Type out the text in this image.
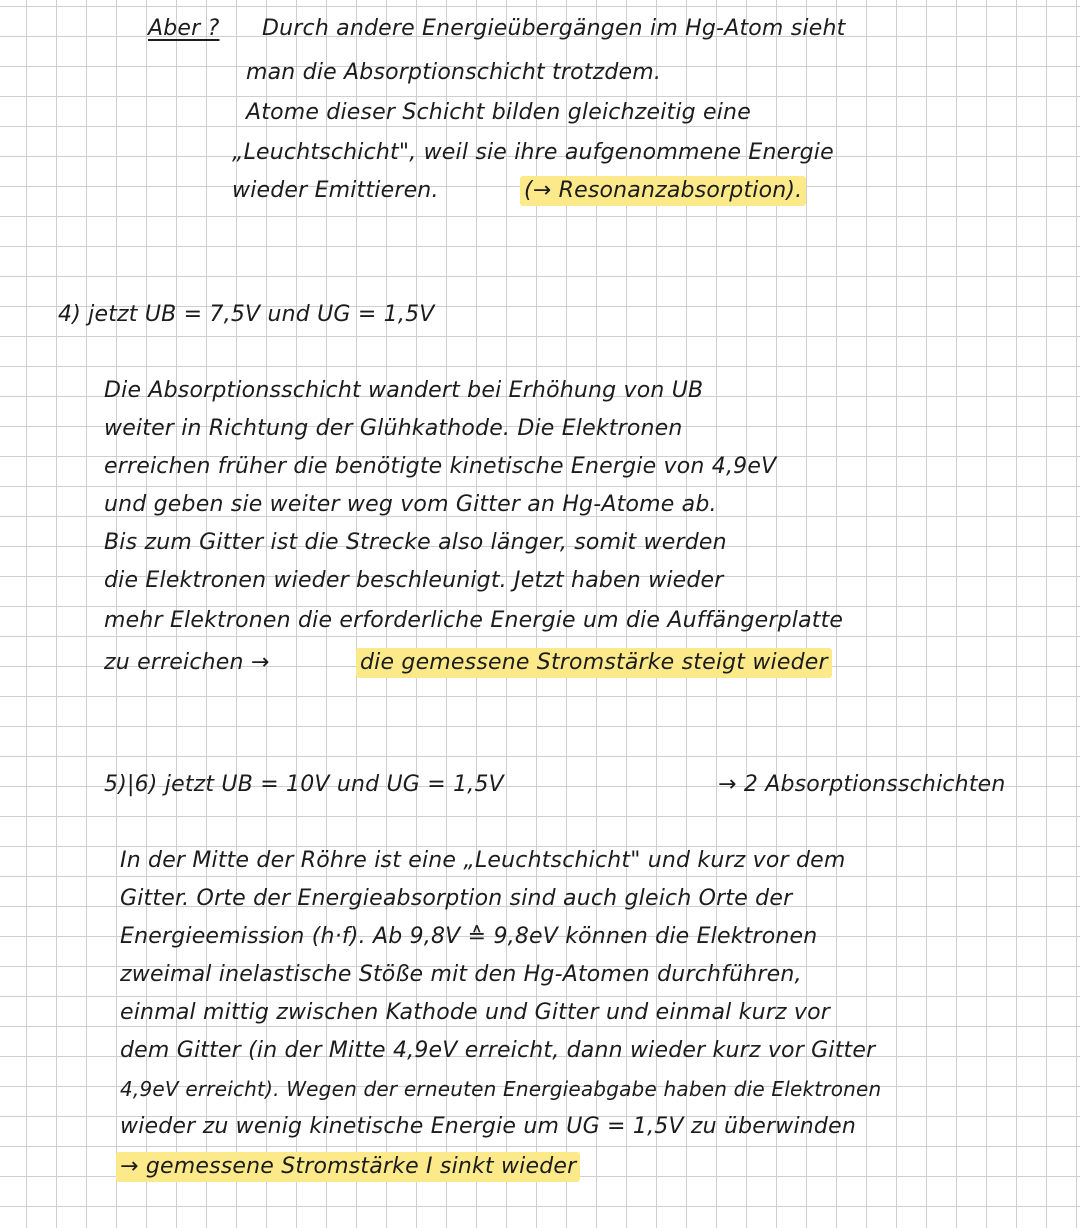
Aber ? Durch andere Energieübergängen im Hg-Atom sieht
man die Absorptionschicht trotzdem.
Atome dieser Schicht bilden gleichzeitig eine
„Leuchtschicht", weil sie ihre aufgenommene Energie
wieder Emittieren.	(→ Resonanzabsorption).
4) jetzt UB = 7,5V und UG = 1,5V
Die Absorptionsschicht wandert bei Erhöhung von UB
weiter in Richtung der Glühkathode. Die Elektronen
erreichen früher die benötigte kinetische Energie von 4,9eV
und geben sie weiter weg vom Gitter an Hg-Atome ab.
Bis zum Gitter ist die Strecke also länger, somit werden
die Elektronen wieder beschleunigt. Jetzt haben wieder
mehr Elektronen die erforderliche Energie um die Auffängerplatte
zu erreichen →	die gemessene Stromstärke steigt wieder
5)|6) jetzt UB = 10V und UG = 1,5V	→ 2 Absorptionsschichten
In der Mitte der Röhre ist eine „Leuchtschicht" und kurz vor dem
Gitter. Orte der Energieabsorption sind auch gleich Orte der
Energieemission (h·f). Ab 9,8V ≙ 9,8eV können die Elektronen
zweimal inelastische Stöße mit den Hg-Atomen durchführen,
einmal mittig zwischen Kathode und Gitter und einmal kurz vor
dem Gitter (in der Mitte 4,9eV erreicht, dann wieder kurz vor Gitter
4,9eV erreicht). Wegen der erneuten Energieabgabe haben die Elektronen
wieder zu wenig kinetische Energie um UG = 1,5V zu überwinden
→ gemessene Stromstärke I sinkt wieder
